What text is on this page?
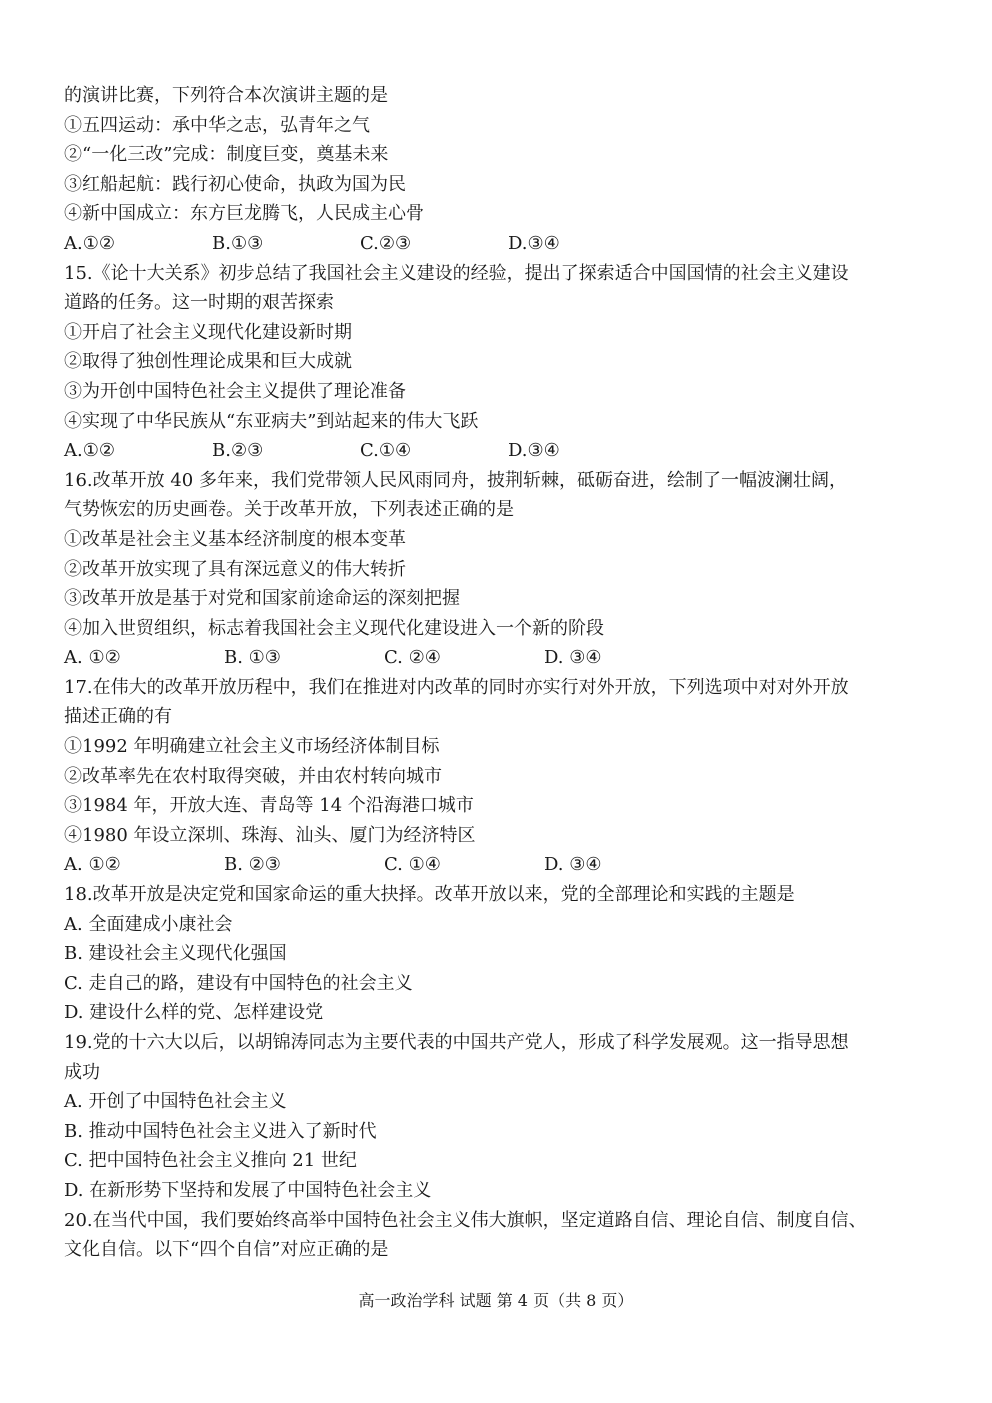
的演讲比赛，下列符合本次演讲主题的是
①五四运动：承中华之志，弘青年之气
②“一化三改”完成：制度巨变，奠基未来
③红船起航：践行初心使命，执政为国为民
④新中国成立：东方巨龙腾飞，人民成主心骨
A.①②	B.①③	C.②③	D.③④
15.《论十大关系》初步总结了我国社会主义建设的经验，提出了探索适合中国国情的社会主义建设
道路的任务。这一时期的艰苦探索
①开启了社会主义现代化建设新时期
②取得了独创性理论成果和巨大成就
③为开创中国特色社会主义提供了理论准备
④实现了中华民族从“东亚病夫”到站起来的伟大飞跃
A.①②	B.②③	C.①④	D.③④
16.改革开放 40 多年来，我们党带领人民风雨同舟，披荆斩棘，砥砺奋进，绘制了一幅波澜壮阔，
气势恢宏的历史画卷。关于改革开放，下列表述正确的是
①改革是社会主义基本经济制度的根本变革
②改革开放实现了具有深远意义的伟大转折
③改革开放是基于对党和国家前途命运的深刻把握
④加入世贸组织，标志着我国社会主义现代化建设进入一个新的阶段
A. ①②	B. ①③	C. ②④	D. ③④
17.在伟大的改革开放历程中，我们在推进对内改革的同时亦实行对外开放，下列选项中对对外开放
描述正确的有
①1992 年明确建立社会主义市场经济体制目标
②改革率先在农村取得突破，并由农村转向城市
③1984 年，开放大连、青岛等 14 个沿海港口城市
④1980 年设立深圳、珠海、汕头、厦门为经济特区
A. ①②	B. ②③	C. ①④	D. ③④
18.改革开放是决定党和国家命运的重大抉择。改革开放以来，党的全部理论和实践的主题是
A. 全面建成小康社会
B. 建设社会主义现代化强国
C. 走自己的路，建设有中国特色的社会主义
D. 建设什么样的党、怎样建设党
19.党的十六大以后，以胡锦涛同志为主要代表的中国共产党人，形成了科学发展观。这一指导思想
成功
A. 开创了中国特色社会主义
B. 推动中国特色社会主义进入了新时代
C. 把中国特色社会主义推向 21 世纪
D. 在新形势下坚持和发展了中国特色社会主义
20.在当代中国，我们要始终高举中国特色社会主义伟大旗帜，坚定道路自信、理论自信、制度自信、
文化自信。以下“四个自信”对应正确的是
高一政治学科 试题 第 4 页（共 8 页）
